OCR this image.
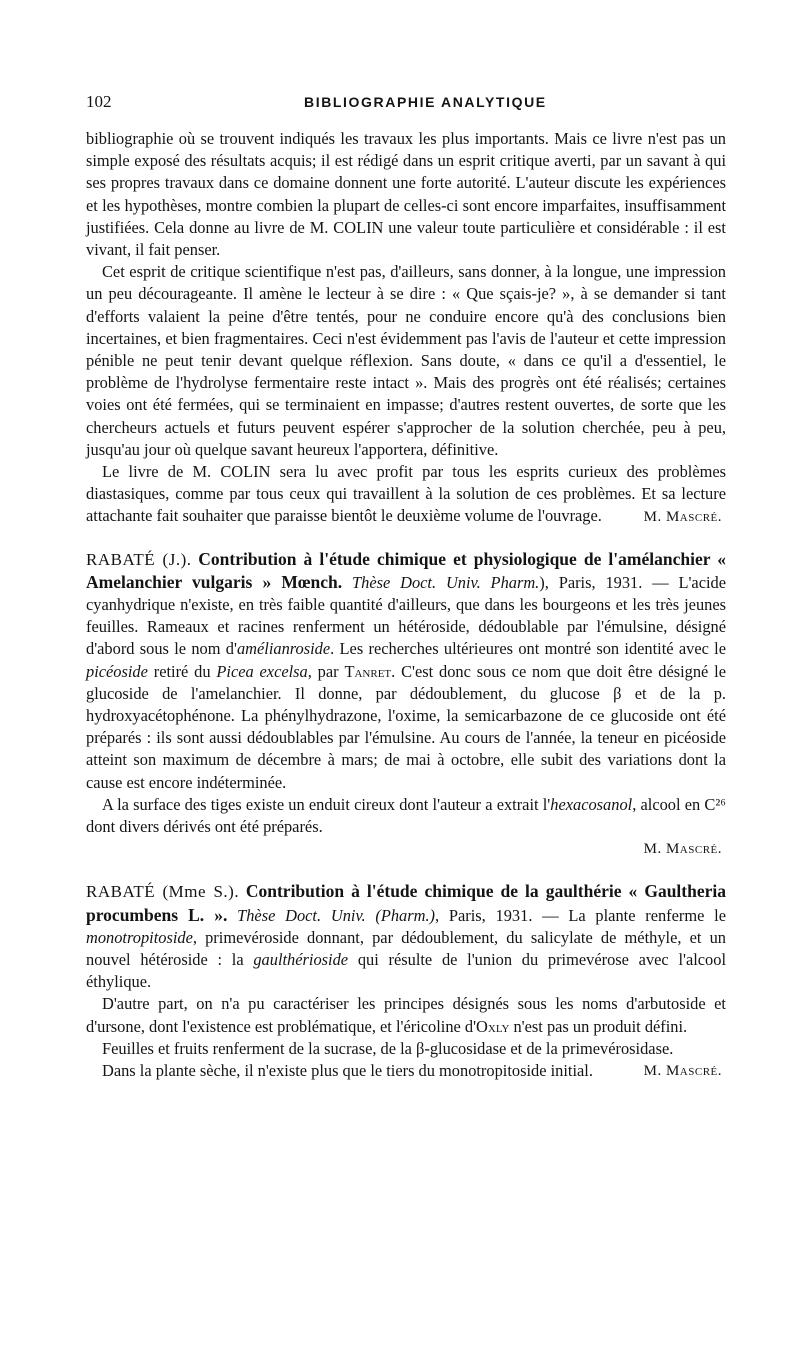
102	BIBLIOGRAPHIE ANALYTIQUE

bibliographie où se trouvent indiqués les travaux les plus importants. Mais ce livre n'est pas un simple exposé des résultats acquis; il est rédigé dans un esprit critique averti, par un savant à qui ses propres travaux dans ce domaine donnent une forte autorité. L'auteur discute les expériences et les hypothèses, montre combien la plupart de celles-ci sont encore imparfaites, insuffisamment justifiées. Cela donne au livre de M. COLIN une valeur toute particulière et considérable : il est vivant, il fait penser.

Cet esprit de critique scientifique n'est pas, d'ailleurs, sans donner, à la longue, une impression un peu décourageante. Il amène le lecteur à se dire : « Que sçais-je? », à se demander si tant d'efforts valaient la peine d'être tentés, pour ne conduire encore qu'à des conclusions bien incertaines, et bien fragmentaires. Ceci n'est évidemment pas l'avis de l'auteur et cette impression pénible ne peut tenir devant quelque réflexion. Sans doute, « dans ce qu'il a d'essentiel, le problème de l'hydrolyse fermentaire reste intact ». Mais des progrès ont été réalisés; certaines voies ont été fermées, qui se terminaient en impasse; d'autres restent ouvertes, de sorte que les chercheurs actuels et futurs peuvent espérer s'approcher de la solution cherchée, peu à peu, jusqu'au jour où quelque savant heureux l'apportera, définitive.

Le livre de M. COLIN sera lu avec profit par tous les esprits curieux des problèmes diastasiques, comme par tous ceux qui travaillent à la solution de ces problèmes. Et sa lecture attachante fait souhaiter que paraisse bientôt le deuxième volume de l'ouvrage.	M. Mascré.

RABATÉ (J.). Contribution à l'étude chimique et physiologique de l'amélanchier « Amelanchier vulgaris » Mœnch. Thèse Doct. Univ. Pharm.), Paris, 1931. — L'acide cyanhydrique n'existe, en très faible quantité d'ailleurs, que dans les bourgeons et les très jeunes feuilles. Rameaux et racines renferment un hétéroside, dédoublable par l'émulsine, désigné d'abord sous le nom d'amélianroside. Les recherches ultérieures ont montré son identité avec le picéoside retiré du Picea excelsa, par Tanret. C'est donc sous ce nom que doit être désigné le glucoside de l'amelanchier. Il donne, par dédoublement, du glucose β et de la p. hydroxyacétophénone. La phénylhydrazone, l'oxime, la semicarbazone de ce glucoside ont été préparés : ils sont aussi dédoublables par l'émulsine. Au cours de l'année, la teneur en picéoside atteint son maximum de décembre à mars; de mai à octobre, elle subit des variations dont la cause est encore indéterminée.

A la surface des tiges existe un enduit cireux dont l'auteur a extrait l'hexacosanol, alcool en C²⁶ dont divers dérivés ont été préparés.

M. Mascré.

RABATÉ (Mme S.). Contribution à l'étude chimique de la gaulthérie « Gaultheria procumbens L. ». Thèse Doct. Univ. (Pharm.), Paris, 1931. — La plante renferme le monotropitoside, primevéroside donnant, par dédoublement, du salicylate de méthyle, et un nouvel hétéroside : la gaulthérioside qui résulte de l'union du primevérose avec l'alcool éthylique.

D'autre part, on n'a pu caractériser les principes désignés sous les noms d'arbutoside et d'ursone, dont l'existence est problématique, et l'éricoline d'Oxly n'est pas un produit défini.

Feuilles et fruits renferment de la sucrase, de la β-glucosidase et de la primevérosidase.

Dans la plante sèche, il n'existe plus que le tiers du monotropitoside initial.	M. Mascré.
